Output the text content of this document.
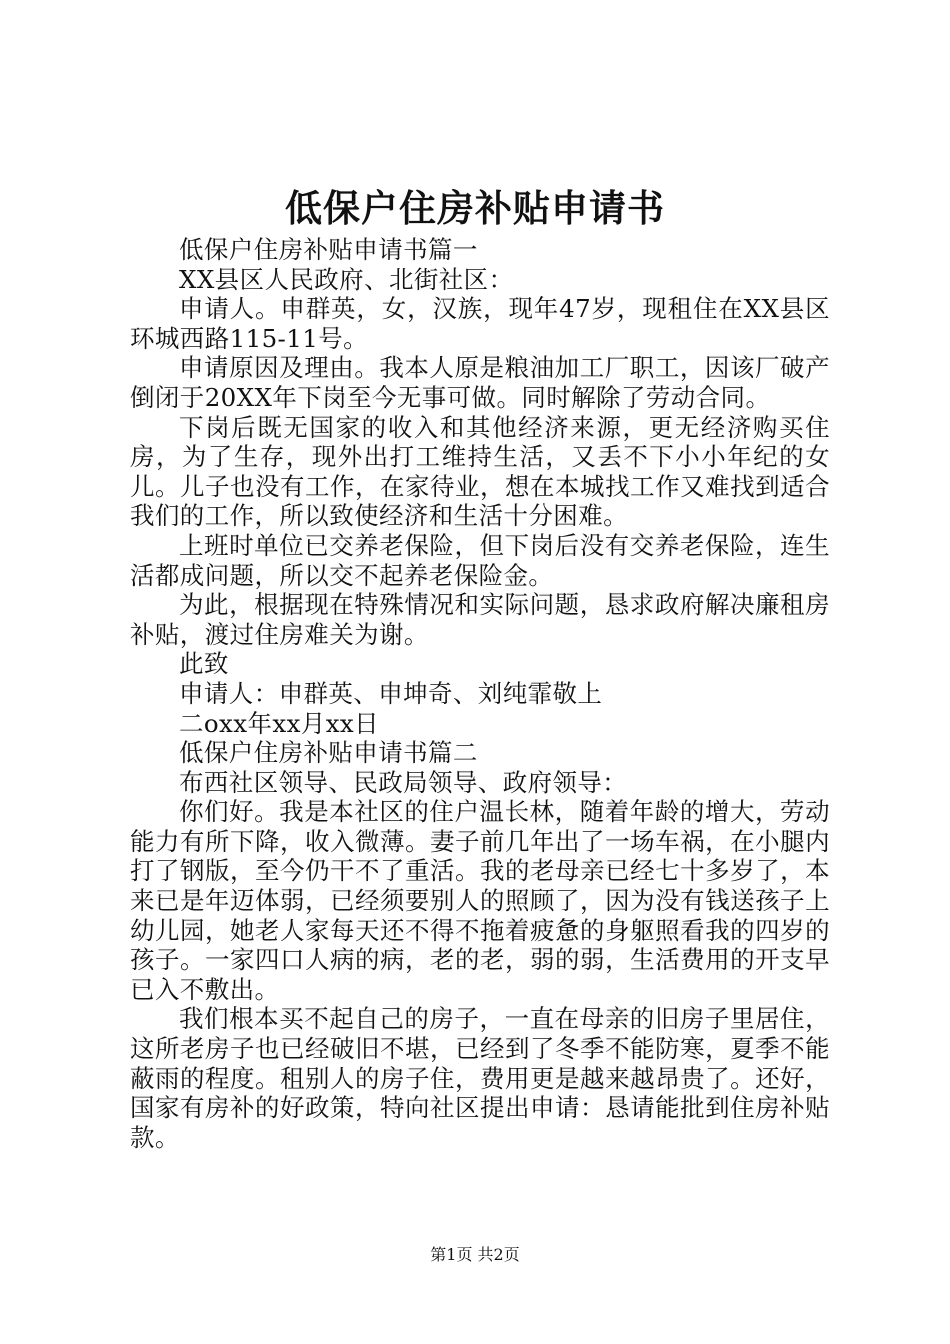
低保户住房补贴申请书

低保户住房补贴申请书篇一

XX县区人民政府、北街社区：

申请人。申群英，女，汉族，现年47岁，现租住在XX县区环城西路115-11号。

申请原因及理由。我本人原是粮油加工厂职工，因该厂破产倒闭于20XX年下岗至今无事可做。同时解除了劳动合同。

下岗后既无国家的收入和其他经济来源，更无经济购买住房，为了生存，现外出打工维持生活，又丢不下小小年纪的女儿。儿子也没有工作，在家待业，想在本城找工作又难找到适合我们的工作，所以致使经济和生活十分困难。

上班时单位已交养老保险，但下岗后没有交养老保险，连生活都成问题，所以交不起养老保险金。

为此，根据现在特殊情况和实际问题，恳求政府解决廉租房补贴，渡过住房难关为谢。

此致

申请人：申群英、申坤奇、刘纯霏敬上

二oxx年xx月xx日

低保户住房补贴申请书篇二

布西社区领导、民政局领导、政府领导：

你们好。我是本社区的住户温长林，随着年龄的增大，劳动能力有所下降，收入微薄。妻子前几年出了一场车祸，在小腿内打了钢版，至今仍干不了重活。我的老母亲已经七十多岁了，本来已是年迈体弱，已经须要别人的照顾了，因为没有钱送孩子上幼儿园，她老人家每天还不得不拖着疲惫的身躯照看我的四岁的孩子。一家四口人病的病，老的老，弱的弱，生活费用的开支早已入不敷出。

我们根本买不起自己的房子，一直在母亲的旧房子里居住，这所老房子也已经破旧不堪，已经到了冬季不能防寒，夏季不能蔽雨的程度。租别人的房子住，费用更是越来越昂贵了。还好，国家有房补的好政策，特向社区提出申请：恳请能批到住房补贴款。

第1页 共2页
